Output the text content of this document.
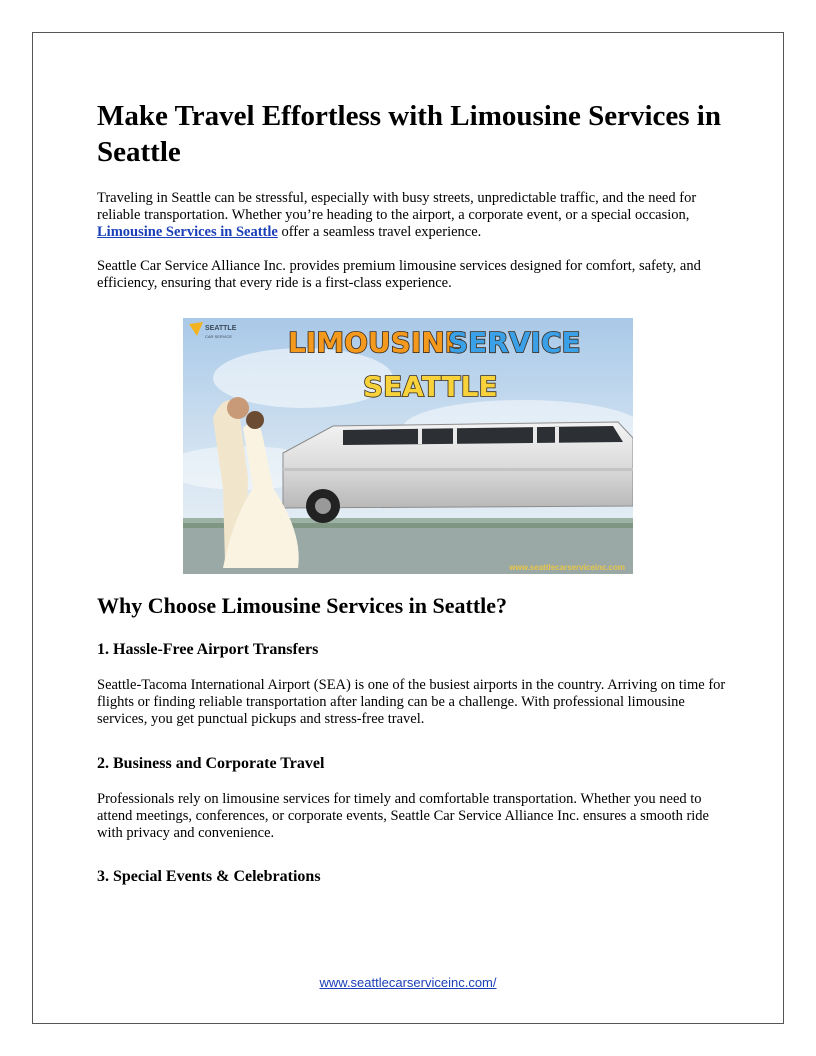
Make Travel Effortless with Limousine Services in Seattle

Traveling in Seattle can be stressful, especially with busy streets, unpredictable traffic, and the need for reliable transportation. Whether you’re heading to the airport, a corporate event, or a special occasion, Limousine Services in Seattle offer a seamless travel experience.

Seattle Car Service Alliance Inc. provides premium limousine services designed for comfort, safety, and efficiency, ensuring that every ride is a first-class experience.

SEATTLE
CAR SERVICE LIMOUSINE
SERVICE
SEATTLE
www.seattlecarserviceinc.com
Why Choose Limousine Services in Seattle?
1. Hassle-Free Airport Transfers

Seattle-Tacoma International Airport (SEA) is one of the busiest airports in the country. Arriving on time for flights or finding reliable transportation after landing can be a challenge. With professional limousine services, you get punctual pickups and stress-free travel.

2. Business and Corporate Travel

Professionals rely on limousine services for timely and comfortable transportation. Whether you need to attend meetings, conferences, or corporate events, Seattle Car Service Alliance Inc. ensures a smooth ride with privacy and convenience.

3. Special Events & Celebrations
www.seattlecarserviceinc.com/
